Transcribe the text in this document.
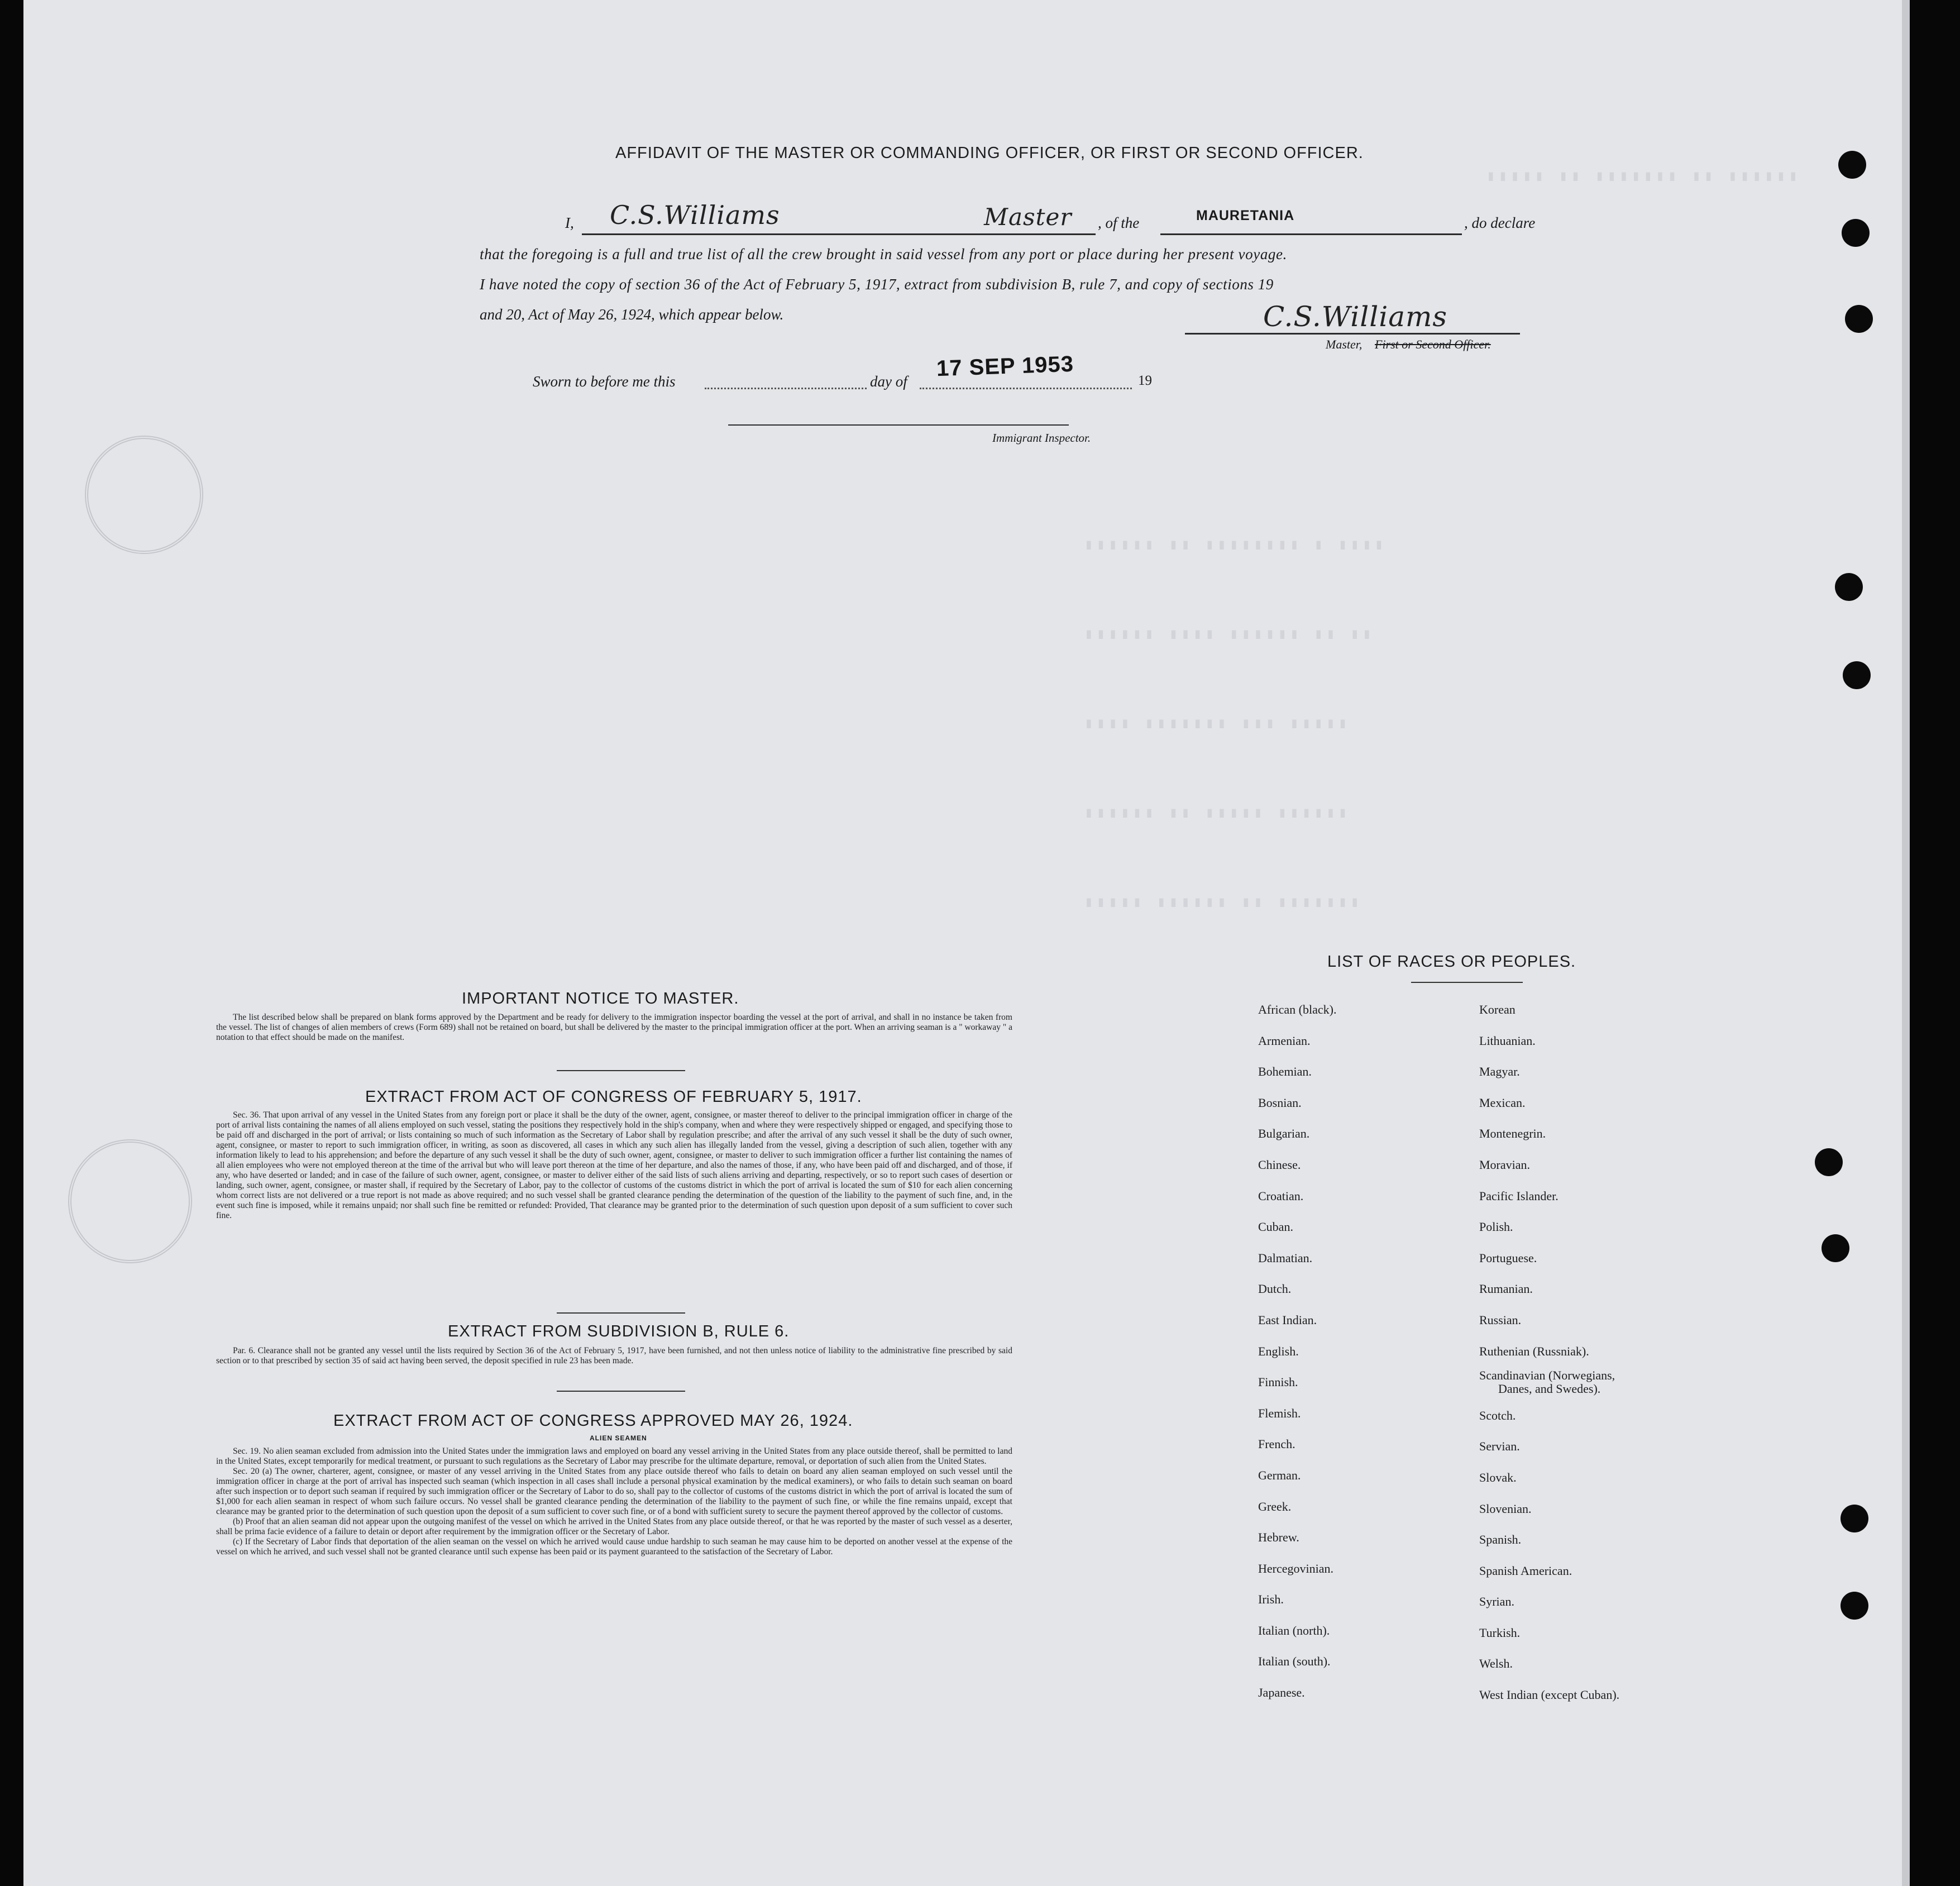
▮▮▮▮▮ ▮▮ ▮▮▮▮▮▮▮ ▮▮ ▮▮▮▮▮▮
▮▮▮▮▮▮ ▮▮ ▮▮▮▮▮▮▮▮ ▮ ▮▮▮▮
▮▮▮▮▮▮ ▮▮▮▮ ▮▮▮▮▮▮ ▮▮ ▮▮
▮▮▮▮ ▮▮▮▮▮▮▮ ▮▮▮ ▮▮▮▮▮
▮▮▮▮▮▮ ▮▮ ▮▮▮▮▮ ▮▮▮▮▮▮
▮▮▮▮▮ ▮▮▮▮▮▮ ▮▮ ▮▮▮▮▮▮▮
AFFIDAVIT OF THE MASTER OR COMMANDING OFFICER, OR FIRST OR SECOND OFFICER.
I, C.S.Williams	Master , of the	MAURETANIA	, do declare
that the foregoing is a full and true list of all the crew brought in said vessel from any port or place during her present voyage.
I have noted the copy of section 36 of the Act of February 5, 1917, extract from subdivision B, rule 7, and copy of sections 19
and 20, Act of May 26, 1924, which appear below.	C.S.Williams
Master, First or Second Officer.
Sworn to before me this	day of
17 SEP 1953	19
Immigrant Inspector.
IMPORTANT NOTICE TO MASTER.

The list described below shall be prepared on blank forms approved by the Department and be ready for delivery to the immigration inspector boarding the vessel at the port of arrival, and shall in no instance be taken from the vessel. The list of changes of alien members of crews (Form 689) shall not be retained on board, but shall be delivered by the master to the principal immigration officer at the port. When an arriving seaman is a " workaway " a notation to that effect should be made on the manifest.

EXTRACT FROM ACT OF CONGRESS OF FEBRUARY 5, 1917.

Sec. 36. That upon arrival of any vessel in the United States from any foreign port or place it shall be the duty of the owner, agent, consignee, or master thereof to deliver to the principal immigration officer in charge of the port of arrival lists containing the names of all aliens employed on such vessel, stating the positions they respectively hold in the ship's company, when and where they were respectively shipped or engaged, and specifying those to be paid off and discharged in the port of arrival; or lists containing so much of such information as the Secretary of Labor shall by regulation prescribe; and after the arrival of any such vessel it shall be the duty of such owner, agent, consignee, or master to report to such immigration officer, in writing, as soon as discovered, all cases in which any such alien has illegally landed from the vessel, giving a description of such alien, together with any information likely to lead to his apprehension; and before the departure of any such vessel it shall be the duty of such owner, agent, consignee, or master to deliver to such immigration officer a further list containing the names of all alien employees who were not employed thereon at the time of the arrival but who will leave port thereon at the time of her departure, and also the names of those, if any, who have been paid off and discharged, and of those, if any, who have deserted or landed; and in case of the failure of such owner, agent, consignee, or master to deliver either of the said lists of such aliens arriving and departing, respectively, or so to report such cases of desertion or landing, such owner, agent, consignee, or master shall, if required by the Secretary of Labor, pay to the collector of customs of the customs district in which the port of arrival is located the sum of $10 for each alien concerning whom correct lists are not delivered or a true report is not made as above required; and no such vessel shall be granted clearance pending the determination of the question of the liability to the payment of such fine, and, in the event such fine is imposed, while it remains unpaid; nor shall such fine be remitted or refunded: Provided, That clearance may be granted prior to the determination of such question upon deposit of a sum sufficient to cover such fine.

EXTRACT FROM SUBDIVISION B, RULE 6.

Par. 6. Clearance shall not be granted any vessel until the lists required by Section 36 of the Act of February 5, 1917, have been furnished, and not then unless notice of liability to the administrative fine prescribed by said section or to that prescribed by section 35 of said act having been served, the deposit specified in rule 23 has been made.

EXTRACT FROM ACT OF CONGRESS APPROVED MAY 26, 1924.
ALIEN SEAMEN

Sec. 19. No alien seaman excluded from admission into the United States under the immigration laws and employed on board any vessel arriving in the United States from any place outside thereof, shall be permitted to land in the United States, except temporarily for medical treatment, or pursuant to such regulations as the Secretary of Labor may prescribe for the ultimate departure, removal, or deportation of such alien from the United States.

Sec. 20 (a) The owner, charterer, agent, consignee, or master of any vessel arriving in the United States from any place outside thereof who fails to detain on board any alien seaman employed on such vessel until the immigration officer in charge at the port of arrival has inspected such seaman (which inspection in all cases shall include a personal physical examination by the medical examiners), or who fails to detain such seaman on board after such inspection or to deport such seaman if required by such immigration officer or the Secretary of Labor to do so, shall pay to the collector of customs of the customs district in which the port of arrival is located the sum of $1,000 for each alien seaman in respect of whom such failure occurs. No vessel shall be granted clearance pending the determination of the liability to the payment of such fine, or while the fine remains unpaid, except that clearance may be granted prior to the determination of such question upon the deposit of a sum sufficient to cover such fine, or of a bond with sufficient surety to secure the payment thereof approved by the collector of customs.

(b) Proof that an alien seaman did not appear upon the outgoing manifest of the vessel on which he arrived in the United States from any place outside thereof, or that he was reported by the master of such vessel as a deserter, shall be prima facie evidence of a failure to detain or deport after requirement by the immigration officer or the Secretary of Labor.

(c) If the Secretary of Labor finds that deportation of the alien seaman on the vessel on which he arrived would cause undue hardship to such seaman he may cause him to be deported on another vessel at the expense of the vessel on which he arrived, and such vessel shall not be granted clearance until such expense has been paid or its payment guaranteed to the satisfaction of the Secretary of Labor.

LIST OF RACES OR PEOPLES.
African (black).
Armenian.
Bohemian.
Bosnian.
Bulgarian.
Chinese.
Croatian.
Cuban.
Dalmatian.
Dutch.
East Indian.
English.
Finnish.
Flemish.
French.
German.
Greek.
Hebrew.
Hercegovinian.
Irish.
Italian (north).
Italian (south).
Japanese.
Korean
Lithuanian.
Magyar.
Mexican.
Montenegrin.
Moravian.
Pacific Islander.
Polish.
Portuguese.
Rumanian.
Russian.
Ruthenian (Russniak).
Scandinavian (Norwegians,
Danes, and Swedes).
Scotch.
Servian.
Slovak.
Slovenian.
Spanish.
Spanish American.
Syrian.
Turkish.
Welsh.
West Indian (except Cuban).
